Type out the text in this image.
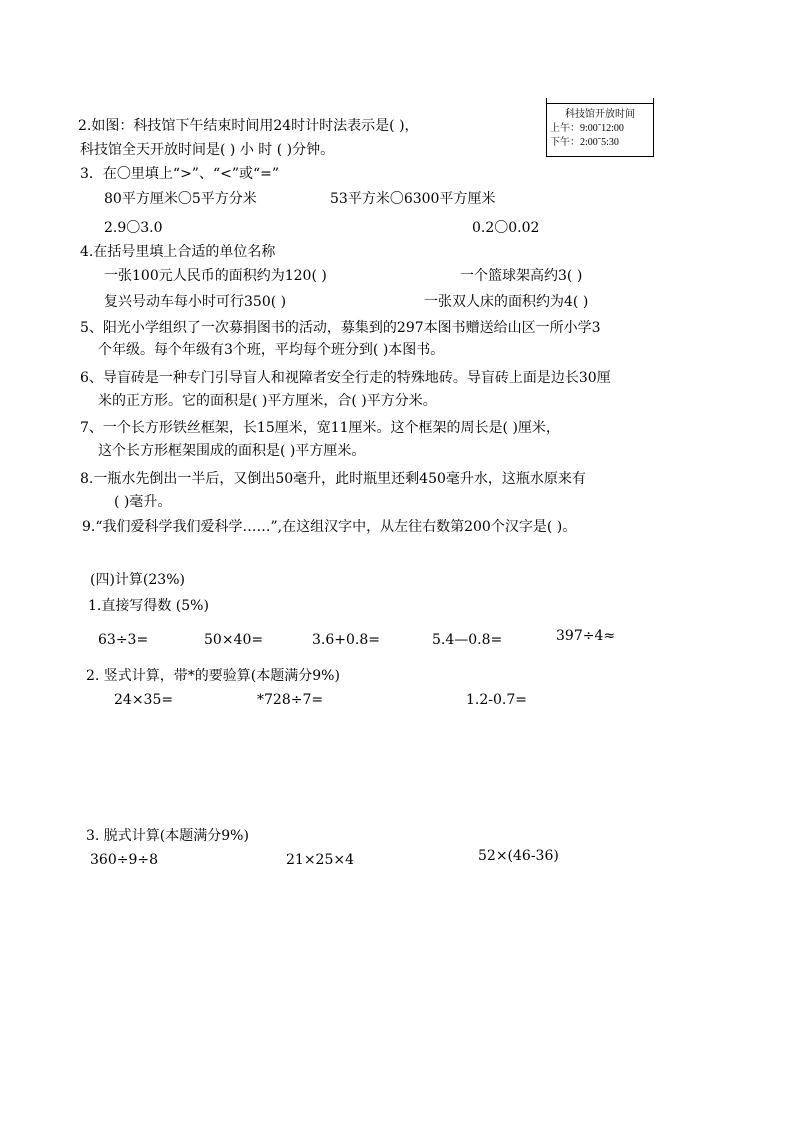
2.如图：科技馆下午结束时间用24时计时法表示是( )，
科技馆全天开放时间是( ) 小 时 ( )分钟。
科技馆开放时间
上午：9:00˜12:00
下午：2:00˜5:30
3．在〇里填上“>”、“<”或“=”
80平方厘米〇5平方分米	53平方米〇6300平方厘米
2.9〇3.0	0.2〇0.02
4.在括号里填上合适的单位名称
一张100元人民币的面积约为120( )	一个篮球架高约3( )
复兴号动车每小时可行350( )	一张双人床的面积约为4( )
5、阳光小学组织了一次募捐图书的活动，募集到的297本图书赠送给山区一所小学3
个年级。每个年级有3个班，平均每个班分到( )本图书。
6、导盲砖是一种专门引导盲人和视障者安全行走的特殊地砖。导盲砖上面是边长30厘
米的正方形。它的面积是( )平方厘米，合( )平方分米。
7、一个长方形铁丝框架，长15厘米，宽11厘米。这个框架的周长是( )厘米，
这个长方形框架围成的面积是( )平方厘米。
8.一瓶水先倒出一半后，又倒出50毫升，此时瓶里还剩450毫升水，这瓶水原来有
( )毫升。
9.“我们爱科学我们爱科学……”,在这组汉字中，从左往右数第200个汉字是( )。
(四)计算(23%)
1.直接写得数 (5%)
63÷3=	50×40=	3.6+0.8=	5.4—0.8=	397÷4≈
2. 竖式计算，带*的要验算(本题满分9%)
24×35=	*728÷7=	1.2-0.7=
3. 脱式计算(本题满分9%)
360÷9÷8	21×25×4	52×(46-36)
